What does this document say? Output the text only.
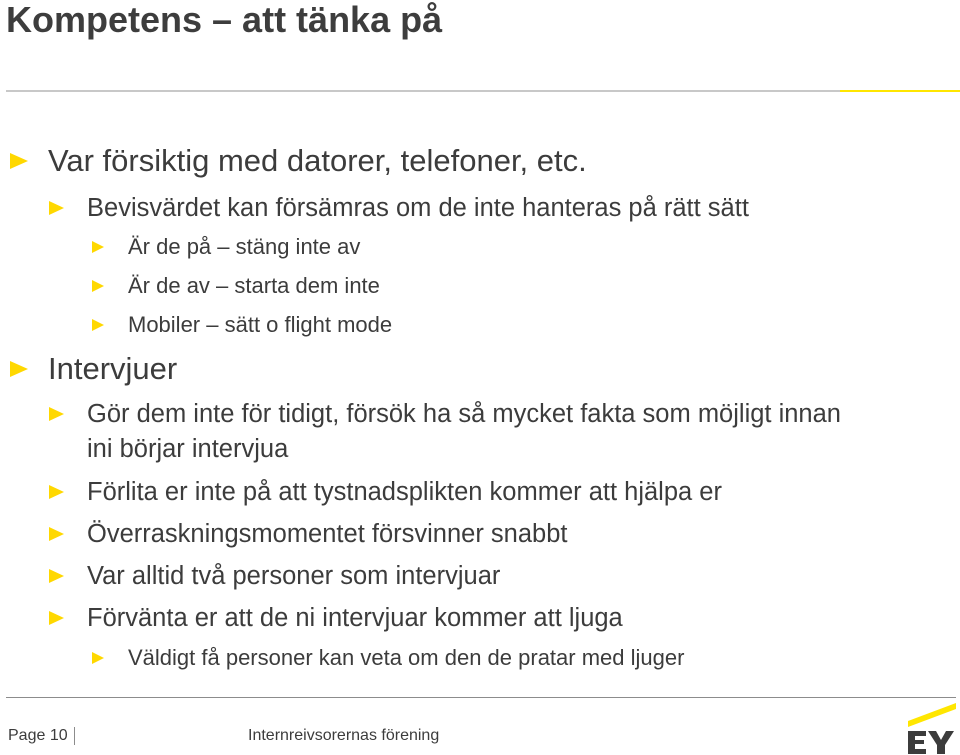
Kompetens – att tänka på
Var försiktig med datorer, telefoner, etc.
Bevisvärdet kan försämras om de inte hanteras på rätt sätt
Är de på – stäng inte av
Är de av – starta dem inte
Mobiler – sätt o flight mode
Intervjuer
Gör dem inte för tidigt, försök ha så mycket fakta som möjligt innan
ini börjar intervjua
Förlita er inte på att tystnadsplikten kommer att hjälpa er
Överraskningsmomentet försvinner snabbt
Var alltid två personer som intervjuar
Förvänta er att de ni intervjuar kommer att ljuga
Väldigt få personer kan veta om den de pratar med ljuger
Page 10	Internreivsorernas förening
